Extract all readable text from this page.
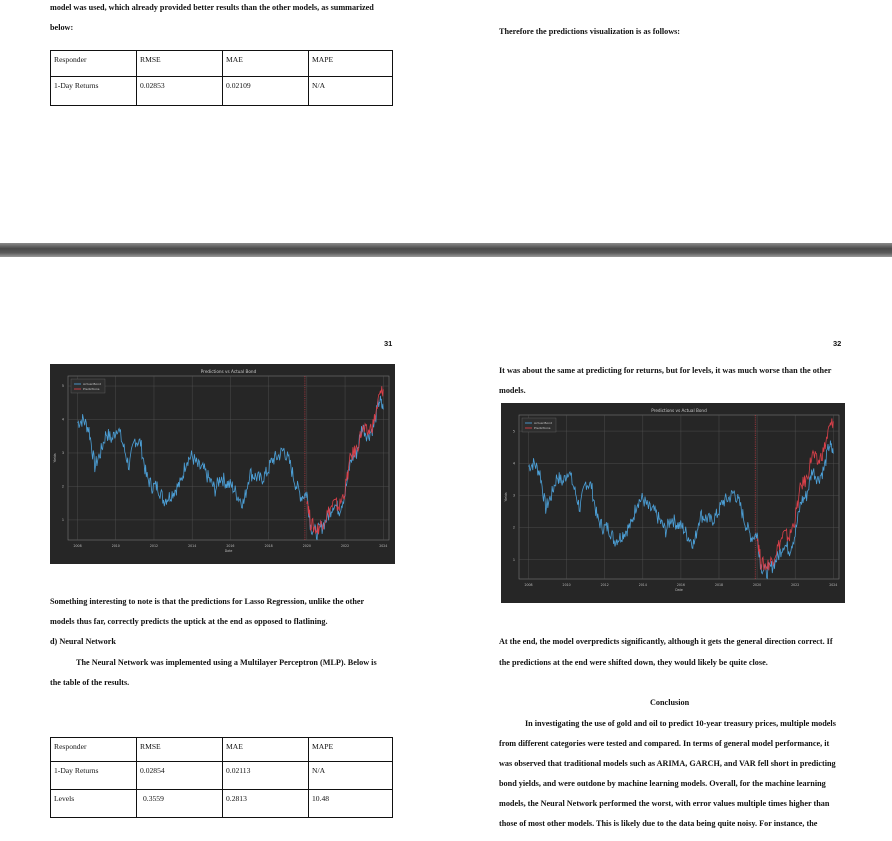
model was used, which already provided better results than the other models, as summarized
below:
Responder	RMSE	MAE	MAPE
1-Day Returns	0.02853	0.02109	N/A
Therefore the predictions visualization is as follows:
31
2008	2010	2012	2014	2016	2018	2020	2022	2024
1
2
3
4
5
Predictions vs Actual Bond
Date
Yields
Actual Bond
Predictions
Something interesting to note is that the predictions for Lasso Regression, unlike the other
models thus far, correctly predicts the uptick at the end as opposed to flatlining.
d) Neural Network
The Neural Network was implemented using a Multilayer Perceptron (MLP). Below is
the table of the results.
Responder	RMSE	MAE	MAPE
1-Day Returns	0.02854	0.02113	N/A
Levels	0.3559	0.2813	10.48
32
It was about the same at predicting for returns, but for levels, it was much worse than the other
models.
2008	2010	2012	2014	2016	2018	2020	2022	2024
1
2
3
4
5
Predictions vs Actual Bond
Date
Yields
Actual Bond
Predictions
At the end, the model overpredicts significantly, although it gets the general direction correct. If
the predictions at the end were shifted down, they would likely be quite close.
Conclusion
In investigating the use of gold and oil to predict 10-year treasury prices, multiple models
from different categories were tested and compared. In terms of general model performance, it
was observed that traditional models such as ARIMA, GARCH, and VAR fell short in predicting
bond yields, and were outdone by machine learning models. Overall, for the machine learning
models, the Neural Network performed the worst, with error values multiple times higher than
those of most other models. This is likely due to the data being quite noisy. For instance, the
